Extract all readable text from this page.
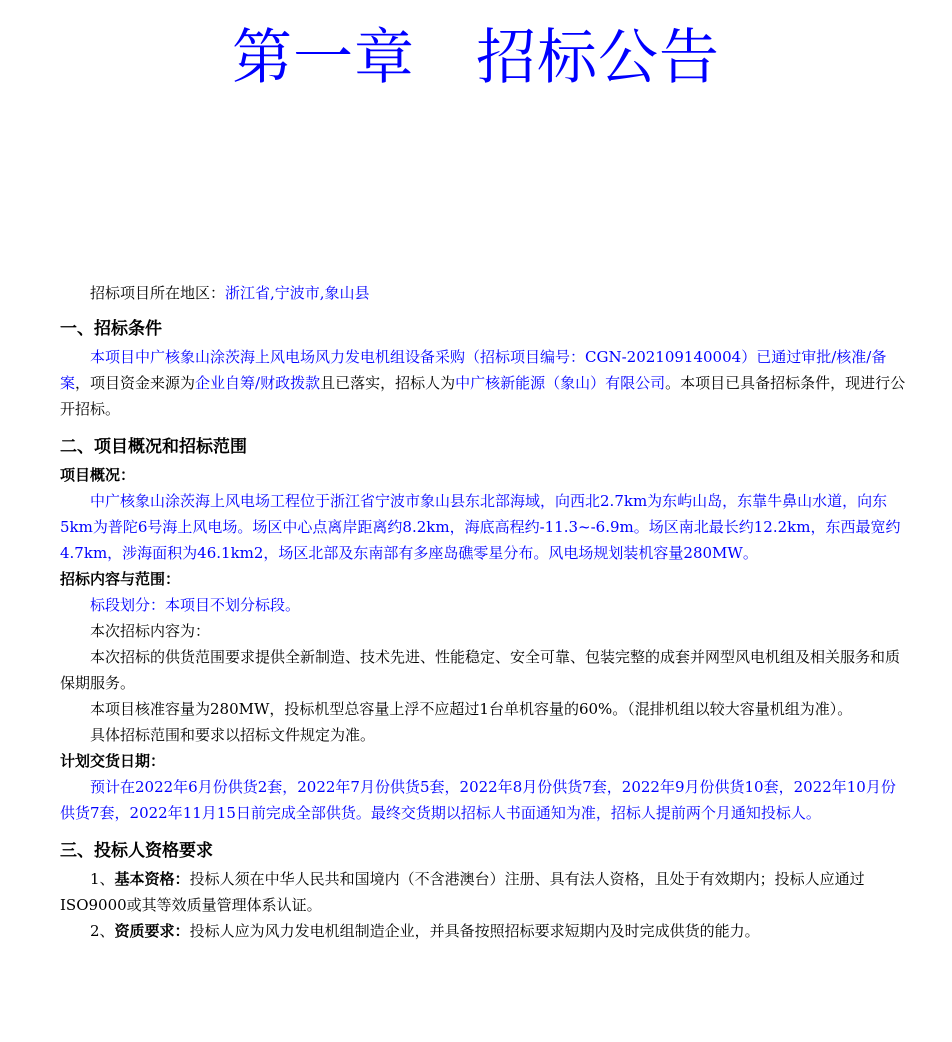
第一章　招标公告

招标项目所在地区：浙江省,宁波市,象山县

一、招标条件

本项目中广核象山涂茨海上风电场风力发电机组设备采购（招标项目编号：CGN-202109140004）已通过审批/核准/备案，项目资金来源为企业自筹/财政拨款且已落实，招标人为中广核新能源（象山）有限公司。本项目已具备招标条件，现进行公开招标。

二、项目概况和招标范围
项目概况：

中广核象山涂茨海上风电场工程位于浙江省宁波市象山县东北部海域，向西北2.7km为东屿山岛，东靠牛鼻山水道，向东5km为普陀6号海上风电场。场区中心点离岸距离约8.2km，海底高程约-11.3~-6.9m。场区南北最长约12.2km，东西最宽约4.7km，涉海面积为46.1km2，场区北部及东南部有多座岛礁零星分布。风电场规划装机容量280MW。

招标内容与范围：

标段划分：本项目不划分标段。

本次招标内容为：

本次招标的供货范围要求提供全新制造、技术先进、性能稳定、安全可靠、包装完整的成套并网型风电机组及相关服务和质保期服务。

本项目核准容量为280MW，投标机型总容量上浮不应超过1台单机容量的60%。（混排机组以较大容量机组为准）。

具体招标范围和要求以招标文件规定为准。

计划交货日期：

预计在2022年6月份供货2套，2022年7月份供货5套，2022年8月份供货7套，2022年9月份供货10套，2022年10月份供货7套，2022年11月15日前完成全部供货。最终交货期以招标人书面通知为准，招标人提前两个月通知投标人。

三、投标人资格要求

1、基本资格：投标人须在中华人民共和国境内（不含港澳台）注册、具有法人资格，且处于有效期内；投标人应通过ISO9000或其等效质量管理体系认证。

2、资质要求：投标人应为风力发电机组制造企业，并具备按照招标要求短期内及时完成供货的能力。
